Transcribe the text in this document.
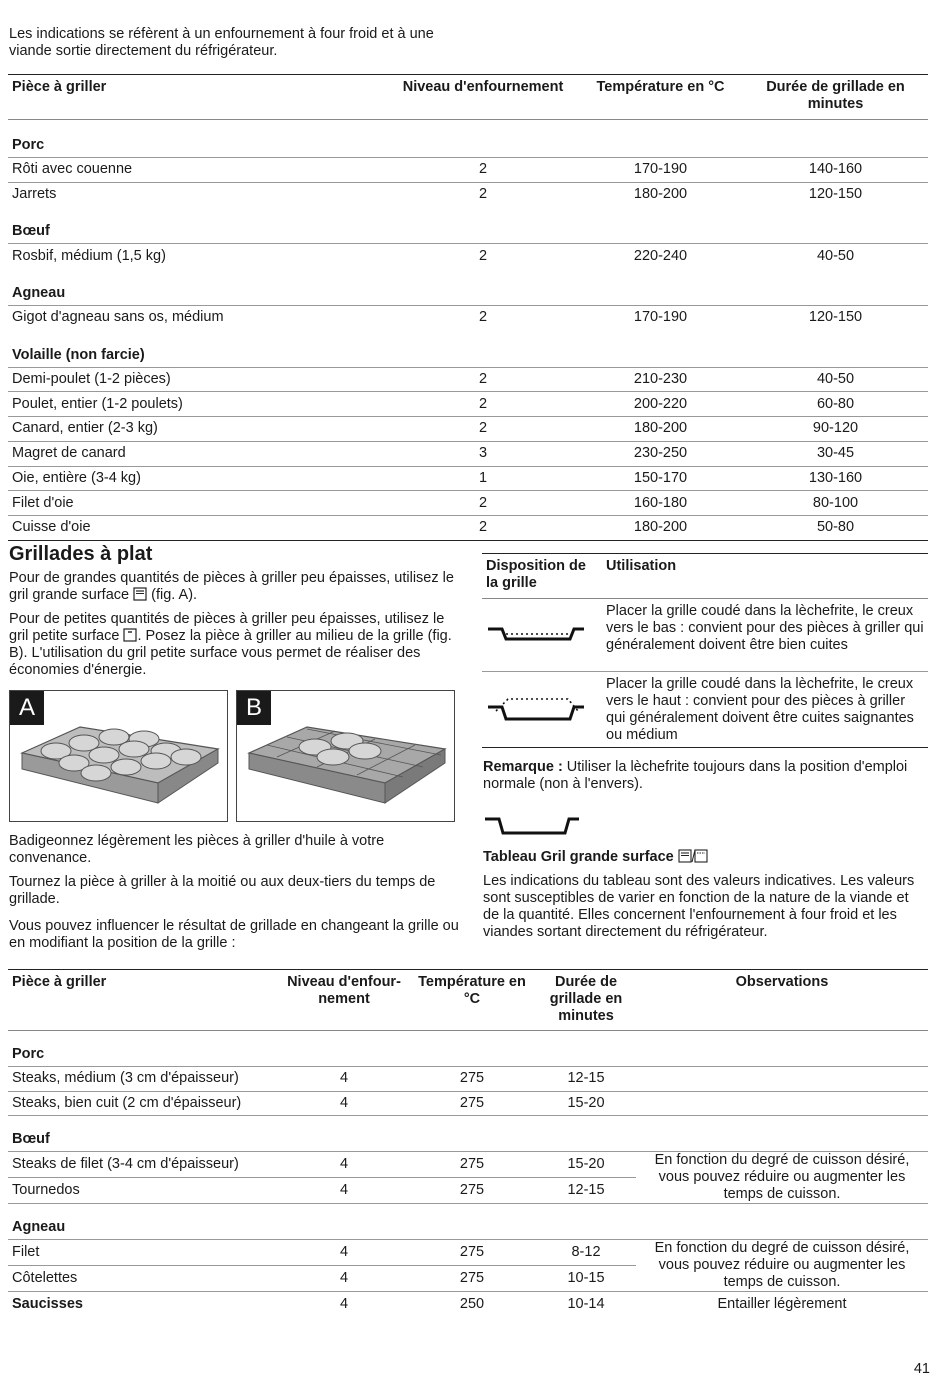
Les indications se réfèrent à un enfournement à four froid et à une viande sortie directement du réfrigérateur.

Pièce à griller	Niveau d'enfournement	Température en °C	Durée de grillade en minutes
Porc			
Rôti avec couenne	2	170-190	140-160
Jarrets	2	180-200	120-150
Bœuf			
Rosbif, médium (1,5 kg)	2	220-240	40-50
Agneau			
Gigot d'agneau sans os, médium	2	170-190	120-150
Volaille (non farcie)			
Demi-poulet (1-2 pièces)	2	210-230	40-50
Poulet, entier (1-2 poulets)	2	200-220	60-80
Canard, entier (2-3 kg)	2	180-200	90-120
Magret de canard	3	230-250	30-45
Oie, entière (3-4 kg)	1	150-170	130-160
Filet d'oie	2	160-180	80-100
Cuisse d'oie	2	180-200	50-80
Grillades à plat

Pour de grandes quantités de pièces à griller peu épaisses, utilisez le gril grande surface (fig. A).

Pour de petites quantités de pièces à griller peu épaisses, utilisez le gril petite surface . Posez la pièce à griller au milieu de la grille (fig. B). L'utilisation du gril petite surface vous permet de réaliser des économies d'énergie.

A	B

Badigeonnez légèrement les pièces à griller d'huile à votre convenance.

Tournez la pièce à griller à la moitié ou aux deux-tiers du temps de grillade.

Vous pouvez influencer le résultat de grillade en changeant la grille ou en modifiant la position de la grille :

Disposition de la grille	Utilisation
	Placer la grille coudé dans la lèchefrite, le creux vers le bas : convient pour des pièces à griller qui généralement doivent être bien cuites
	Placer la grille coudé dans la lèchefrite, le creux vers le haut : convient pour des pièces à griller qui généralement doivent être cuites saignantes ou médium

Remarque : Utiliser la lèchefrite toujours dans la position d'emploi normale (non à l'envers).

Tableau Gril grande surface

Les indications du tableau sont des valeurs indicatives. Les valeurs sont susceptibles de varier en fonction de la nature de la viande et de la quantité. Elles concernent l'enfournement à four froid et les viandes sortant directement du réfrigérateur.

Pièce à griller	Niveau d'enfour-nement	Température en °C	Durée de grillade en minutes	Observations
Porc				
Steaks, médium (3 cm d'épaisseur)	4	275	12-15	
Steaks, bien cuit (2 cm d'épaisseur)	4	275	15-20	
Bœuf				
Steaks de filet (3-4 cm d'épaisseur)	4	275	15-20	En fonction du degré de cuisson désiré, vous pouvez réduire ou augmenter les temps de cuisson.
Tournedos	4	275	12-15	
Agneau				
Filet	4	275	8-12	En fonction du degré de cuisson désiré, vous pouvez réduire ou augmenter les temps de cuisson.
Côtelettes	4	275	10-15	
Saucisses	4	250	10-14	Entailler légèrement
41
